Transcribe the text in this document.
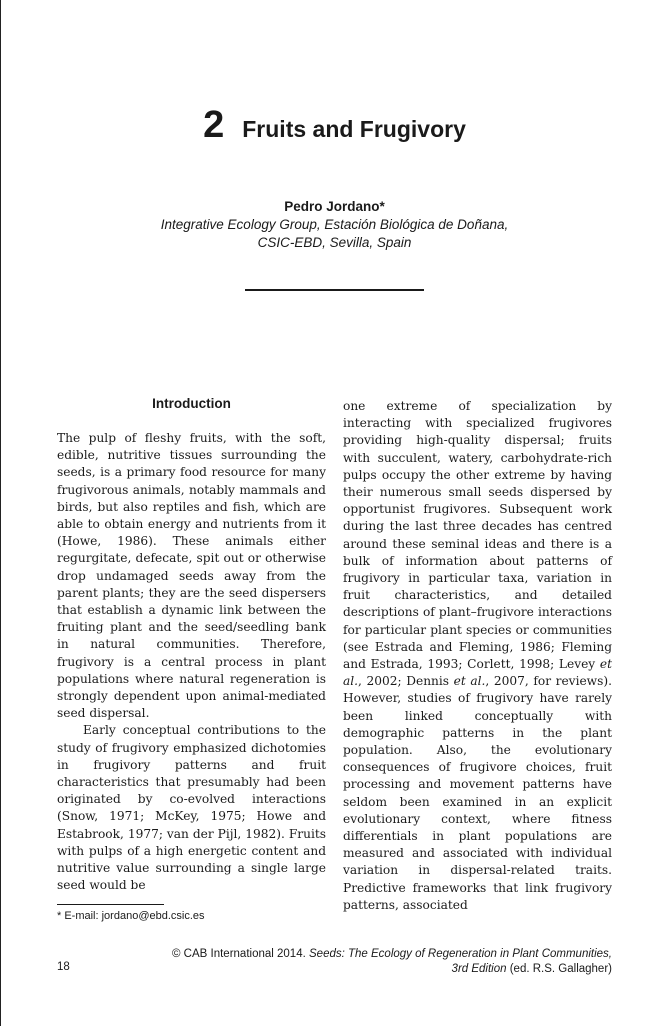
2 Fruits and Frugivory
Pedro Jordano*
Integrative Ecology Group, Estación Biológica de Doñana,
CSIC-EBD, Sevilla, Spain
Introduction

The pulp of fleshy fruits, with the soft, edible, nutritive tissues surrounding the seeds, is a primary food resource for many frugivorous animals, notably mammals and birds, but also reptiles and fish, which are able to obtain energy and nutrients from it (Howe, 1986). These animals either regurgitate, defecate, spit out or otherwise drop undamaged seeds away from the parent plants; they are the seed dispersers that establish a dynamic link between the fruiting plant and the seed/seedling bank in natural communities. Therefore, frugivory is a central process in plant populations where natural regeneration is strongly dependent upon animal-mediated seed dispersal.

Early conceptual contributions to the study of frugivory emphasized dichotomies in frugivory patterns and fruit characteristics that presumably had been originated by co-evolved interactions (Snow, 1971; McKey, 1975; Howe and Estabrook, 1977; van der Pijl, 1982). Fruits with pulps of a high energetic content and nutritive value surrounding a single large seed would be

one extreme of specialization by interacting with specialized frugivores providing high-quality dispersal; fruits with succulent, watery, carbohydrate-rich pulps occupy the other extreme by having their numerous small seeds dispersed by opportunist frugivores. Subsequent work during the last three decades has centred around these seminal ideas and there is a bulk of information about patterns of frugivory in particular taxa, variation in fruit characteristics, and detailed descriptions of plant–frugivore interactions for particular plant species or communities (see Estrada and Fleming, 1986; Fleming and Estrada, 1993; Corlett, 1998; Levey et al., 2002; Dennis et al., 2007, for reviews). However, studies of frugivory have rarely been linked conceptually with demographic patterns in the plant population. Also, the evolutionary consequences of frugivore choices, fruit processing and movement patterns have seldom been examined in an explicit evolutionary context, where fitness differentials in plant populations are measured and associated with individual variation in dispersal-related traits. Predictive frameworks that link frugivory patterns, associated

* E-mail: jordano@ebd.csic.es
© CAB International 2014. Seeds: The Ecology of Regeneration in Plant Communities,
3rd Edition (ed. R.S. Gallagher)
18
